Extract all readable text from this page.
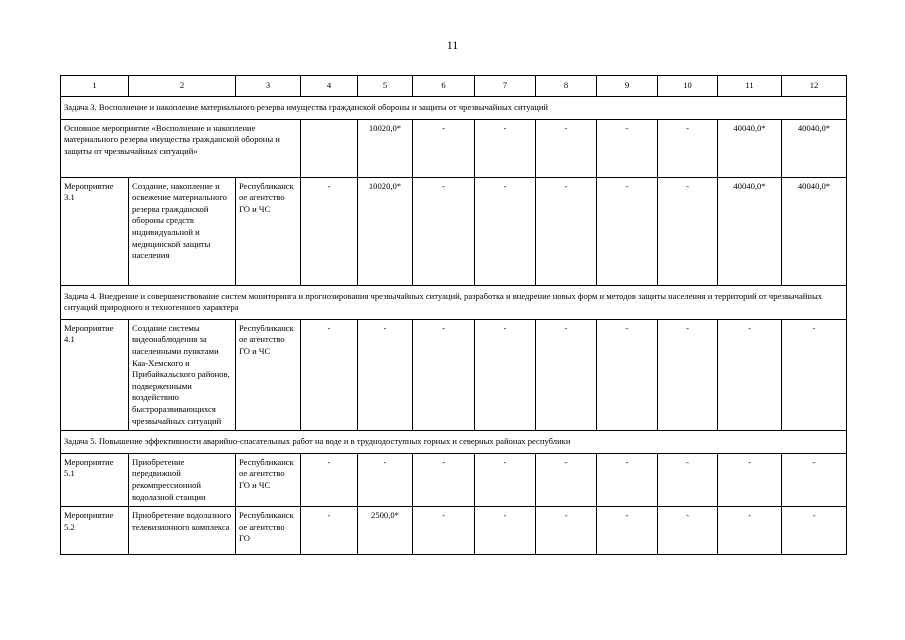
11
1	2	3	4	5	6	7	8	9	10	11	12
Задача 3. Восполнение и накопление материального резерва имущества гражданской обороны и защиты от чрезвычайных ситуаций											
Основное мероприятие «Восполнение и накопление материального резерва имущества гражданской обороны и защиты от чрезвычайных ситуаций»				10020,0*	-	-	-	-	-	40040,0*	40040,0*
Мероприятие 3.1	Создание, накопление и освежение материального резерва гражданской обороны средств индивидуальной и медицинской защиты населения	Республиканское агентство ГО и ЧС	-	10020,0*	-	-	-	-	-	40040,0*	40040,0*
Задача 4. Внедрение и совершенствование систем мониторинга и прогнозирования чрезвычайных ситуаций, разработка и внедрение новых форм и методов защиты населения и территорий от чрезвычайных ситуаций природного и техногенного характера											
Мероприятие 4.1	Создание системы видеонаблюдения за населенными пунктами Каа-Хемского и Прибайкальского районов, подверженными воздействию быстроразвивающихся чрезвычайных ситуаций	Республиканское агентство ГО и ЧС	-	-	-	-	-	-	-	-	-
Задача 5. Повышение эффективности аварийно-спасательных работ на воде и в труднодоступных горных и северных районах республики											
Мероприятие 5.1	Приобретение передвижной рекомпрессионной водолазной станции	Республиканское агентство ГО и ЧС	-	-	-	-	-	-	-	-	-
Мероприятие 5.2	Приобретение водолазного телевизионного комплекса	Республиканское агентство ГО	-	2500,0*	-	-	-	-	-	-	-
